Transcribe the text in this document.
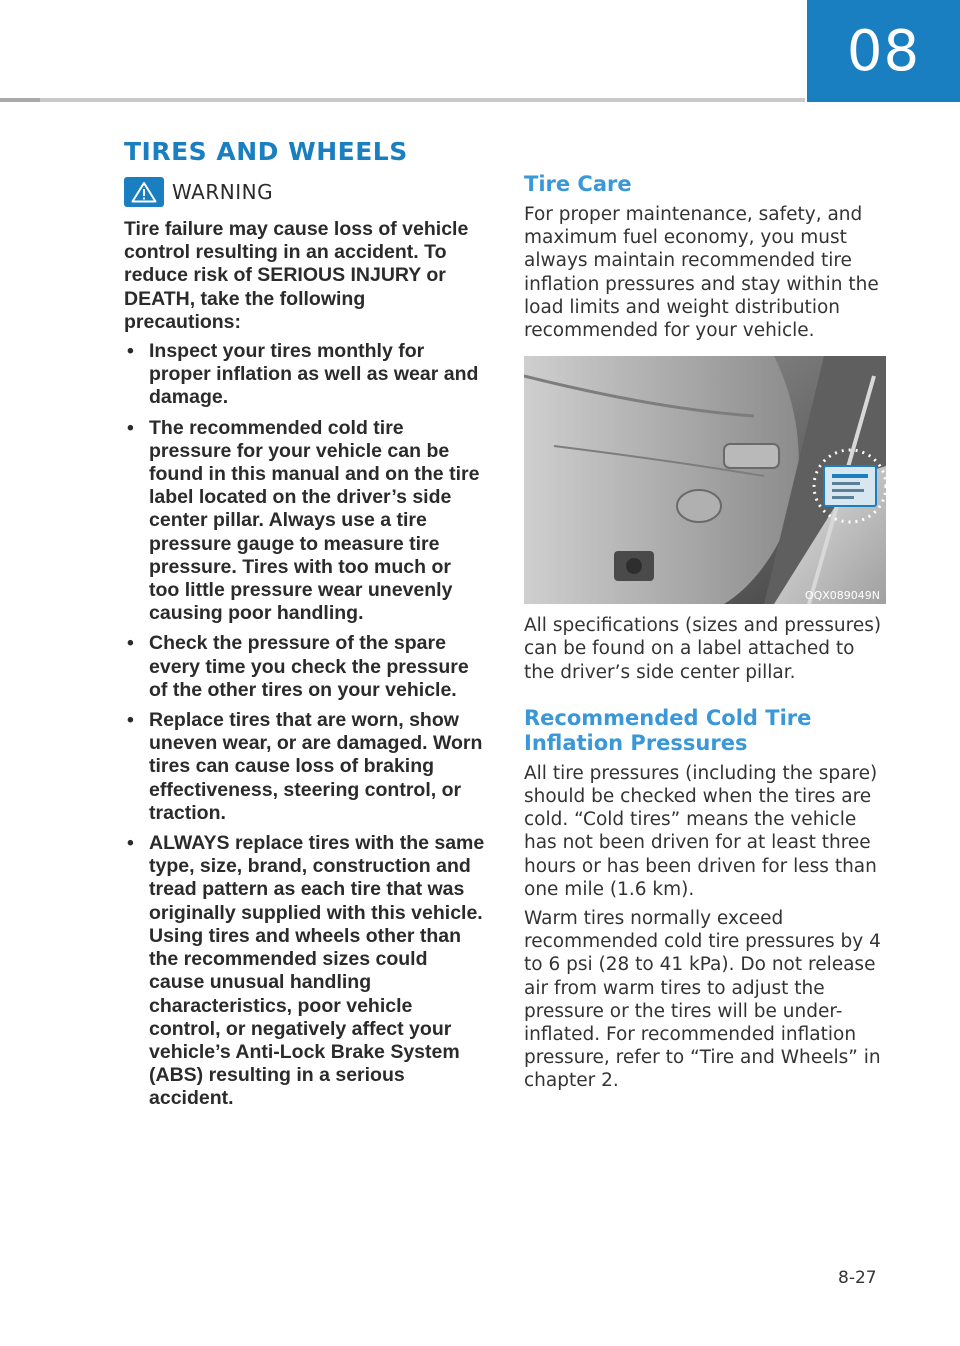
08
TIRES AND WHEELS
WARNING

Tire failure may cause loss of vehicle control resulting in an accident. To reduce risk of SERIOUS INJURY or DEATH, take the following precautions:

• Inspect your tires monthly for proper inflation as well as wear and damage.
• The recommended cold tire pressure for your vehicle can be found in this manual and on the tire label located on the driver’s side center pillar. Always use a tire pressure gauge to measure tire pressure. Tires with too much or too little pressure wear unevenly causing poor handling.
• Check the pressure of the spare every time you check the pressure of the other tires on your vehicle.
• Replace tires that are worn, show uneven wear, or are damaged. Worn tires can cause loss of braking effectiveness, steering control, or traction.
• ALWAYS replace tires with the same type, size, brand, construction and tread pattern as each tire that was originally supplied with this vehicle. Using tires and wheels other than the recommended sizes could cause unusual handling characteristics, poor vehicle control, or negatively affect your vehicle’s Anti-Lock Brake System (ABS) resulting in a serious accident.
Tire Care

For proper maintenance, safety, and maximum fuel economy, you must always maintain recommended tire inflation pressures and stay within the load limits and weight distribution recommended for your vehicle.

OQX089049N

All specifications (sizes and pressures) can be found on a label attached to the driver’s side center pillar.

Recommended Cold Tire Inflation Pressures

All tire pressures (including the spare) should be checked when the tires are cold. “Cold tires” means the vehicle has not been driven for at least three hours or has been driven for less than one mile (1.6 km).

Warm tires normally exceed recommended cold tire pressures by 4 to 6 psi (28 to 41 kPa). Do not release air from warm tires to adjust the pressure or the tires will be under-inflated. For recommended inflation pressure, refer to “Tire and Wheels” in chapter 2.

8-27
